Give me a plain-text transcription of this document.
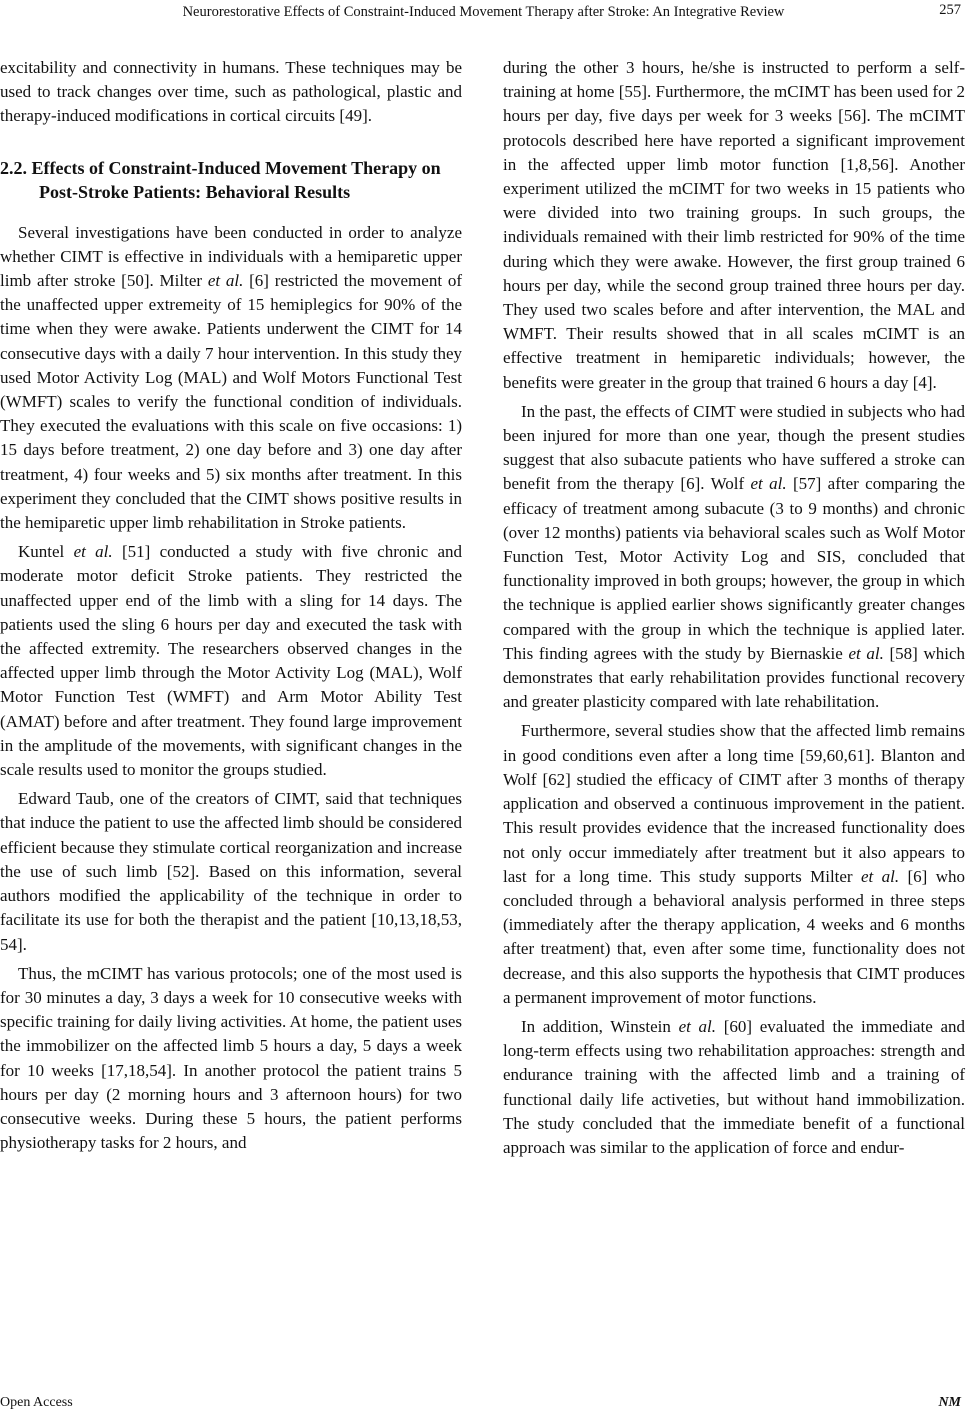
Neurorestorative Effects of Constraint-Induced Movement Therapy after Stroke: An Integrative Review	257

excitability and connectivity in humans. These techniques may be used to track changes over time, such as pathological, plastic and therapy-induced modifications in cortical circuits [49].

2.2. Effects of Constraint-Induced Movement Therapy on Post-Stroke Patients: Behavioral Results

Several investigations have been conducted in order to analyze whether CIMT is effective in individuals with a hemiparetic upper limb after stroke [50]. Milter et al. [6] restricted the movement of the unaffected upper extremeity of 15 hemiplegics for 90% of the time when they were awake. Patients underwent the CIMT for 14 consecutive days with a daily 7 hour intervention. In this study they used Motor Activity Log (MAL) and Wolf Motors Functional Test (WMFT) scales to verify the functional condition of individuals. They executed the evaluations with this scale on five occasions: 1) 15 days before treatment, 2) one day before and 3) one day after treatment, 4) four weeks and 5) six months after treatment. In this experiment they concluded that the CIMT shows positive results in the hemiparetic upper limb rehabilitation in Stroke patients.

Kuntel et al. [51] conducted a study with five chronic and moderate motor deficit Stroke patients. They restricted the unaffected upper end of the limb with a sling for 14 days. The patients used the sling 6 hours per day and executed the task with the affected extremity. The researchers observed changes in the affected upper limb through the Motor Activity Log (MAL), Wolf Motor Function Test (WMFT) and Arm Motor Ability Test (AMAT) before and after treatment. They found large improvement in the amplitude of the movements, with significant changes in the scale results used to monitor the groups studied.

Edward Taub, one of the creators of CIMT, said that techniques that induce the patient to use the affected limb should be considered efficient because they stimulate cortical reorganization and increase the use of such limb [52]. Based on this information, several authors modified the applicability of the technique in order to facilitate its use for both the therapist and the patient [10,13,18,53, 54].

Thus, the mCIMT has various protocols; one of the most used is for 30 minutes a day, 3 days a week for 10 consecutive weeks with specific training for daily living activities. At home, the patient uses the immobilizer on the affected limb 5 hours a day, 5 days a week for 10 weeks [17,18,54]. In another protocol the patient trains 5 hours per day (2 morning hours and 3 afternoon hours) for two consecutive weeks. During these 5 hours, the patient performs physiotherapy tasks for 2 hours, and

during the other 3 hours, he/she is instructed to perform a self-training at home [55]. Furthermore, the mCIMT has been used for 2 hours per day, five days per week for 3 weeks [56]. The mCIMT protocols described here have reported a significant improvement in the affected upper limb motor function [1,8,56]. Another experiment utilized the mCIMT for two weeks in 15 patients who were divided into two training groups. In such groups, the individuals remained with their limb restricted for 90% of the time during which they were awake. However, the first group trained 6 hours per day, while the second group trained three hours per day. They used two scales before and after intervention, the MAL and WMFT. Their results showed that in all scales mCIMT is an effective treatment in hemiparetic individuals; however, the benefits were greater in the group that trained 6 hours a day [4].

In the past, the effects of CIMT were studied in subjects who had been injured for more than one year, though the present studies suggest that also subacute patients who have suffered a stroke can benefit from the therapy [6]. Wolf et al. [57] after comparing the efficacy of treatment among subacute (3 to 9 months) and chronic (over 12 months) patients via behavioral scales such as Wolf Motor Function Test, Motor Activity Log and SIS, concluded that functionality improved in both groups; however, the group in which the technique is applied earlier shows significantly greater changes compared with the group in which the technique is applied later. This finding agrees with the study by Biernaskie et al. [58] which demonstrates that early rehabilitation provides functional recovery and greater plasticity compared with late rehabilitation.

Furthermore, several studies show that the affected limb remains in good conditions even after a long time [59,60,61]. Blanton and Wolf [62] studied the efficacy of CIMT after 3 months of therapy application and observed a continuous improvement in the patient. This result provides evidence that the increased functionality does not only occur immediately after treatment but it also appears to last for a long time. This study supports Milter et al. [6] who concluded through a behavioral analysis performed in three steps (immediately after the therapy application, 4 weeks and 6 months after treatment) that, even after some time, functionality does not decrease, and this also supports the hypothesis that CIMT produces a permanent improvement of motor functions.

In addition, Winstein et al. [60] evaluated the immediate and long-term effects using two rehabilitation approaches: strength and endurance training with the affected limb and a training of functional daily life activeties, but without hand immobilization. The study concluded that the immediate benefit of a functional approach was similar to the application of force and endur-

Open Access	NM
